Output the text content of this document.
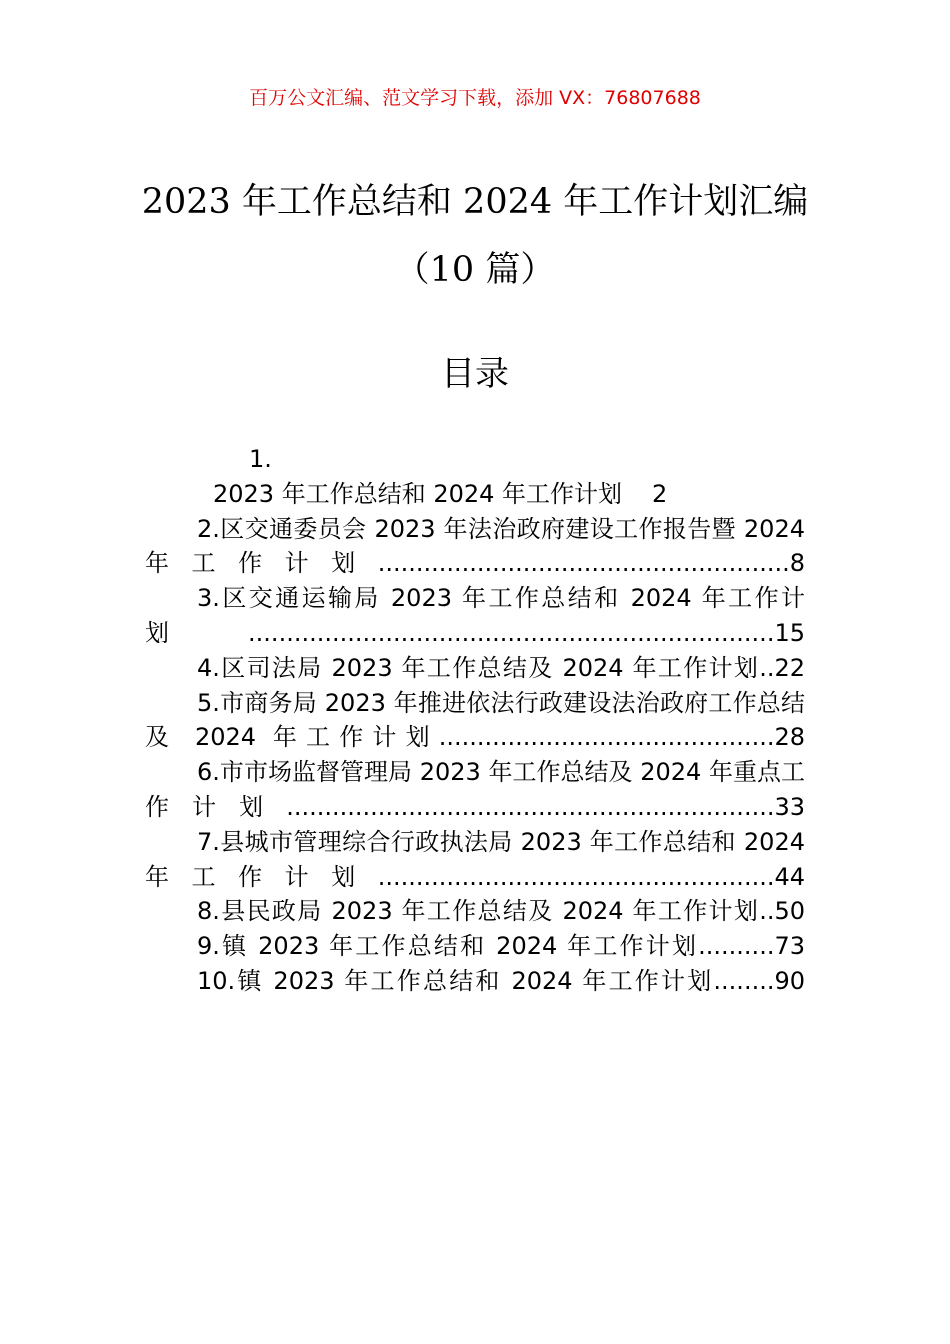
百万公文汇编、范文学习下载，添加 VX：76807688
2023 年工作总结和 2024 年工作计划汇编
（10 篇）
目录
1.
2023 年工作总结和 2024 年工作计划 2
2.区交通委员会 2023 年法治政府建设工作报告暨 2024 年工作计划......................................................8
3.区交通运输局 2023 年工作总结和 2024 年工作计划.....................................................................15
4.区司法局 2023 年工作总结及 2024 年工作计划..22
5.市商务局 2023 年推进依法行政建设法治政府工作总结及 2024 年工作计划............................................28
6.市市场监督管理局 2023 年工作总结及 2024 年重点工作计划................................................................33
7.县城市管理综合行政执法局 2023 年工作总结和 2024 年工作计划....................................................44
8.县民政局 2023 年工作总结及 2024 年工作计划..50
9.镇 2023 年工作总结和 2024 年工作计划..........73
10.镇 2023 年工作总结和 2024 年工作计划........90
